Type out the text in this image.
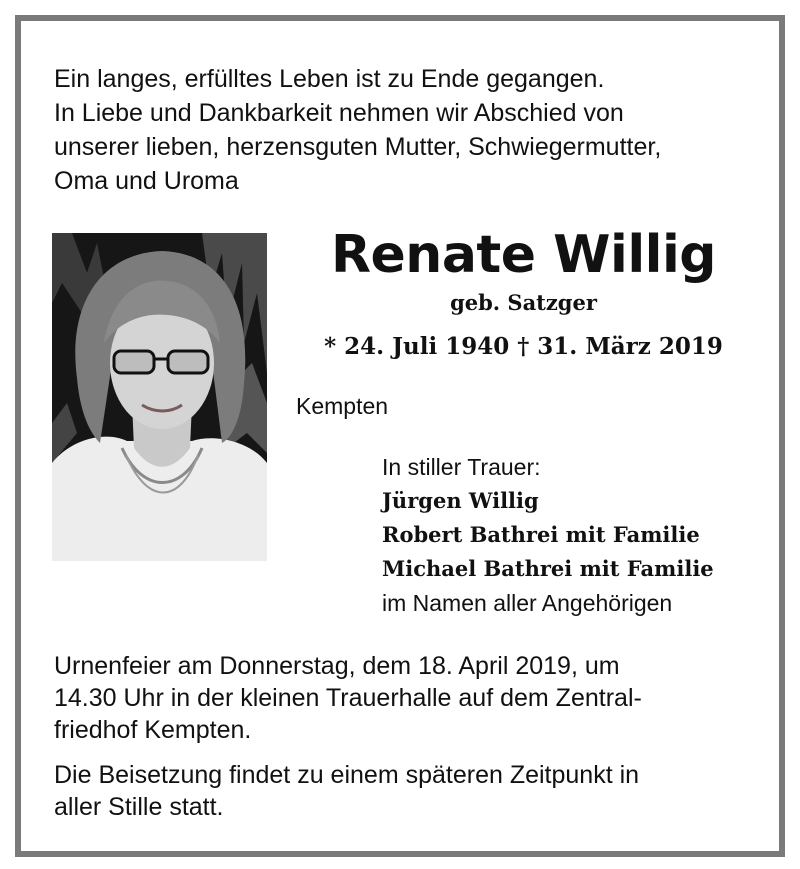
Ein langes, erfülltes Leben ist zu Ende gegangen.
In Liebe und Dankbarkeit nehmen wir Abschied von
unserer lieben, herzensguten Mutter, Schwiegermutter,
Oma und Uroma

Renate Willig
geb. Satzger
* 24. Juli 1940 † 31. März 2019
Kempten
In stiller Trauer:
Jürgen Willig
Robert Bathrei mit Familie
Michael Bathrei mit Familie
im Namen aller Angehörigen
Urnenfeier am Donnerstag, dem 18. April 2019, um
14.30 Uhr in der kleinen Trauerhalle auf dem Zentral-
friedhof Kempten.
Die Beisetzung findet zu einem späteren Zeitpunkt in
aller Stille statt.
